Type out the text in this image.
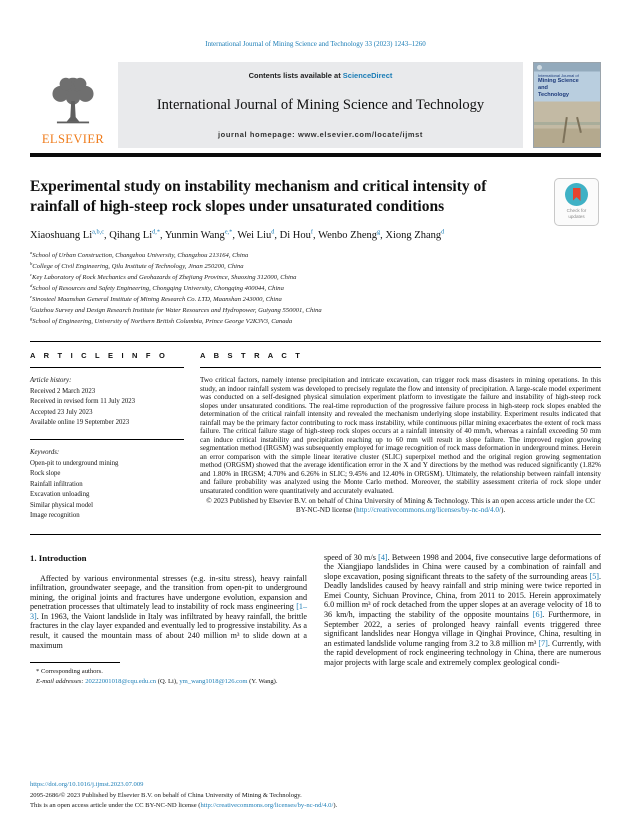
International Journal of Mining Science and Technology 33 (2023) 1243–1260
ELSEVIER
Contents lists available at ScienceDirect
International Journal of Mining Science and Technology
journal homepage: www.elsevier.com/locate/ijmst
International Journal of
Mining Science
and
Technology
Experimental study on instability mechanism and critical intensity of rainfall of high-steep rock slopes under unsaturated conditions	Check for updates
Xiaoshuang Li$^{a,b,c}$, Qihang $Li^{d,*}$, Yunmin Wang$^{e,*}$, Wei Liu$^d$, Di Hou$^f$, Wenbo Zheng$^g$, Xiong Zhang$^d$
$^a$School of Urban Construction, Changzhou University, Changzhou 213164, China
$^b$College of Civil Engineering, Qilu Institute of Technology, Jinan 250200, China
$^c$Key Laboratory of Rock Mechanics and Geohazards of Zhejiang Province, Shaoxing 312000, China
$^d$School of Resources and Safety Engineering, Chongqing University, Chongqing 400044, China
$^e$Sinosteel Maanshan General Institute of Mining Research Co. LTD, Maanshan 243000, China
$^f$Guizhou Survey and Design Research Institute for Water Resources and Hydropower, Guiyang 550001, China
$^g$School of Engineering, University of Northern British Columbia, Prince George V2K3V3, Canada
A R T I C L E I N F O
Article history:
Received 2 March 2023
Received in revised form 11 July 2023
Accepted 23 July 2023
Available online 19 September 2023
Keywords:
Open-pit to underground mining
Rock slope
Rainfall infiltration
Excavation unloading
Similar physical model
Image recognition
A B S T R A C T
Two critical factors, namely intense precipitation and intricate excavation, can trigger rock mass disasters in mining operations. In this study, an indoor rainfall system was developed to precisely regulate the flow and intensity of precipitation. A large-scale model experiment was conducted on a self-designed physical simulation experiment platform to investigate the failure and instability of high-steep rock slopes under unsaturated conditions. The real-time reproduction of the progressive failure process in high-steep rock slopes enabled the determination of the critical rainfall intensity and revealed the mechanism underlying slope instability. Experiment results indicated that rainfall may be the primary factor contributing to rock mass instability, while continuous pillar mining exacerbates the extent of rock mass failure. The critical failure stage of high-steep rock slopes occurs at a rainfall intensity of 40 mm/h, whereas a rainfall exceeding 50 mm can induce critical instability and precipitation reaching up to 60 mm will result in slope failure. The improved region growing segmentation method (IRGSM) was subsequently employed for image recognition of rock mass deformation in underground mines. Herein an error comparison with the simple linear iterative cluster (SLIC) superpixel method and the original region growing segmentation method (ORGSM) showed that the average identification error in the X and Y directions by the method was reduced significantly (1.82% and 1.80% in IRGSM; 4.70% and 6.26% in SLIC; 9.45% and 12.40% in ORGSM). Ultimately, the relationship between rainfall intensity and failure probability was analyzed using the Monte Carlo method. Moreover, the stability assessment criteria of rock slope under unsaturated condition were quantitatively and accurately evaluated.
© 2023 Published by Elsevier B.V. on behalf of China University of Mining & Technology. This is an open access article under the CC BY-NC-ND license (http://creativecommons.org/licenses/by-nc-nd/4.0/).
1. Introduction

Affected by various environmental stresses (e.g. in-situ stress), heavy rainfall infiltration, groundwater seepage, and the transition from open-pit to underground mining, the original joints and fractures have undergone evolution, expansion and penetration processes that ultimately lead to instability of rock mass engineering [1–3]. In 1963, the Vaiont landslide in Italy was infiltrated by heavy rainfall, the brittle fractures in the clay layer expanded and eventually led to progressive instability. As a result, it caused the mountain mass of about 240 million m³ to slide down at a maximum

* Corresponding authors.
E-mail addresses: 20222001018@cqu.edu.cn (Q. Li), ym_wang1018@126.com (Y. Wang).

speed of 30 m/s [4]. Between 1998 and 2004, five consecutive large deformations of the Xiangjiapo landslides in China were caused by a combination of rainfall and slope excavation, posing significant threats to the safety of the surrounding areas [5]. Deadly landslides caused by heavy rainfall and strip mining were twice reported in Emei County, Sichuan Province, China, from 2011 to 2015. Herein approximately 6.0 million m³ of rock detached from the upper slopes at an average velocity of 18 to 36 km/h, impacting the stability of the opposite mountains [6]. Furthermore, in September 2022, a series of prolonged heavy rainfall events triggered three significant landslides near Hongya village in Qinghai Province, China, resulting in an estimated landslide volume ranging from 3.2 to 3.8 million m³ [7]. Currently, with the rapid development of rock engineering technology in China, there are numerous major projects with large scale and extremely complex geological condi-

https://doi.org/10.1016/j.ijmst.2023.07.009
2095-2686/© 2023 Published by Elsevier B.V. on behalf of China University of Mining & Technology.
This is an open access article under the CC BY-NC-ND license (http://creativecommons.org/licenses/by-nc-nd/4.0/).
